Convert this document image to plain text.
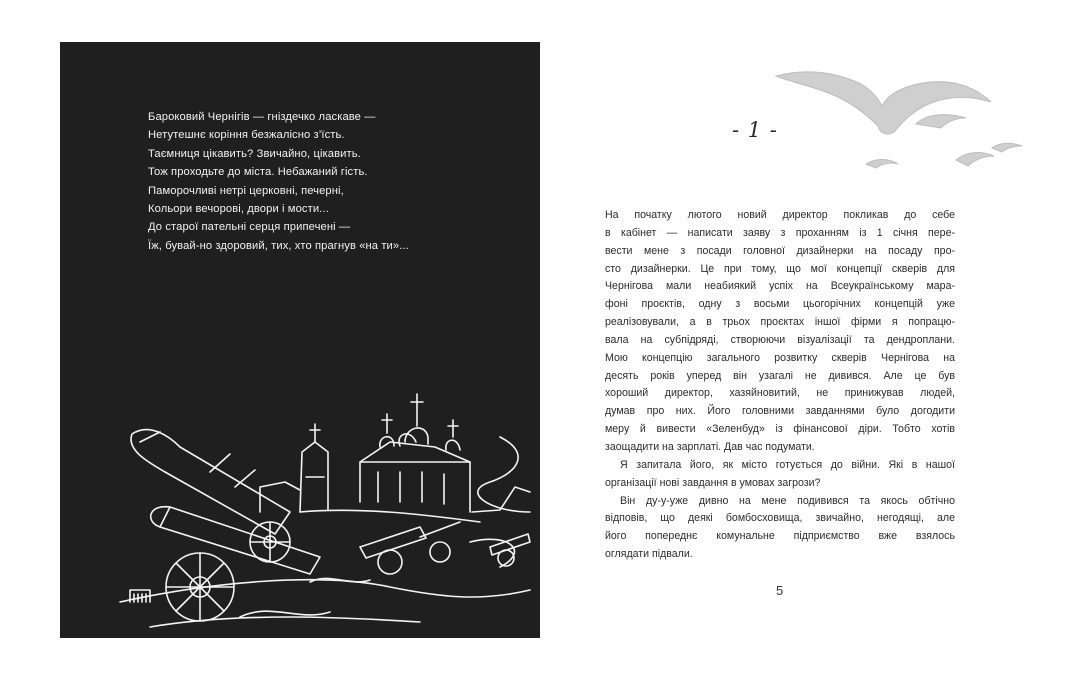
Бароковий Чернігів — гніздечко ласкаве —
Нетутешнє коріння безжалісно з’їсть.
Таємниця цікавить? Звичайно, цікавить.
Тож проходьте до міста. Небажаний гість.
Паморочливі нетрі церковні, печерні,
Кольори вечорові, двори і мости...
До старої пательні серця припечені —
Їж, бувай-но здоровий, тих, хто прагнув «на ти»...
- 1 -
На початку лютого новий директор покликав до себе
в кабінет — написати заяву з проханням із 1 січня пере-
вести мене з посади головної дизайнерки на посаду про-
сто дизайнерки. Це при тому, що мої концепції скверів для
Чернігова мали неабиякий успіх на Всеукраїнському мара-
фоні проєктів, одну з восьми цьогорічних концепцій уже
реалізовували, а в трьох проєктах іншої фірми я попрацю-
вала на субпідряді, створюючи візуалізації та дендроплани.
Мою концепцію загального розвитку скверів Чернігова на
десять років уперед він узагалі не дивився. Але це був
хороший директор, хазяйновитий, не принижував людей,
думав про них. Його головними завданнями було догодити
меру й вивести «Зеленбуд» із фінансової діри. Тобто хотів
заощадити на зарплаті. Дав час подумати.
Я запитала його, як місто готується до війни. Які в нашої
організації нові завдання в умовах загрози?
Він ду-у-уже дивно на мене подивився та якось обтічно
відповів, що деякі бомбосховища, звичайно, негодящі, але
його попереднє комунальне підприємство вже взялось
оглядати підвали.
5
